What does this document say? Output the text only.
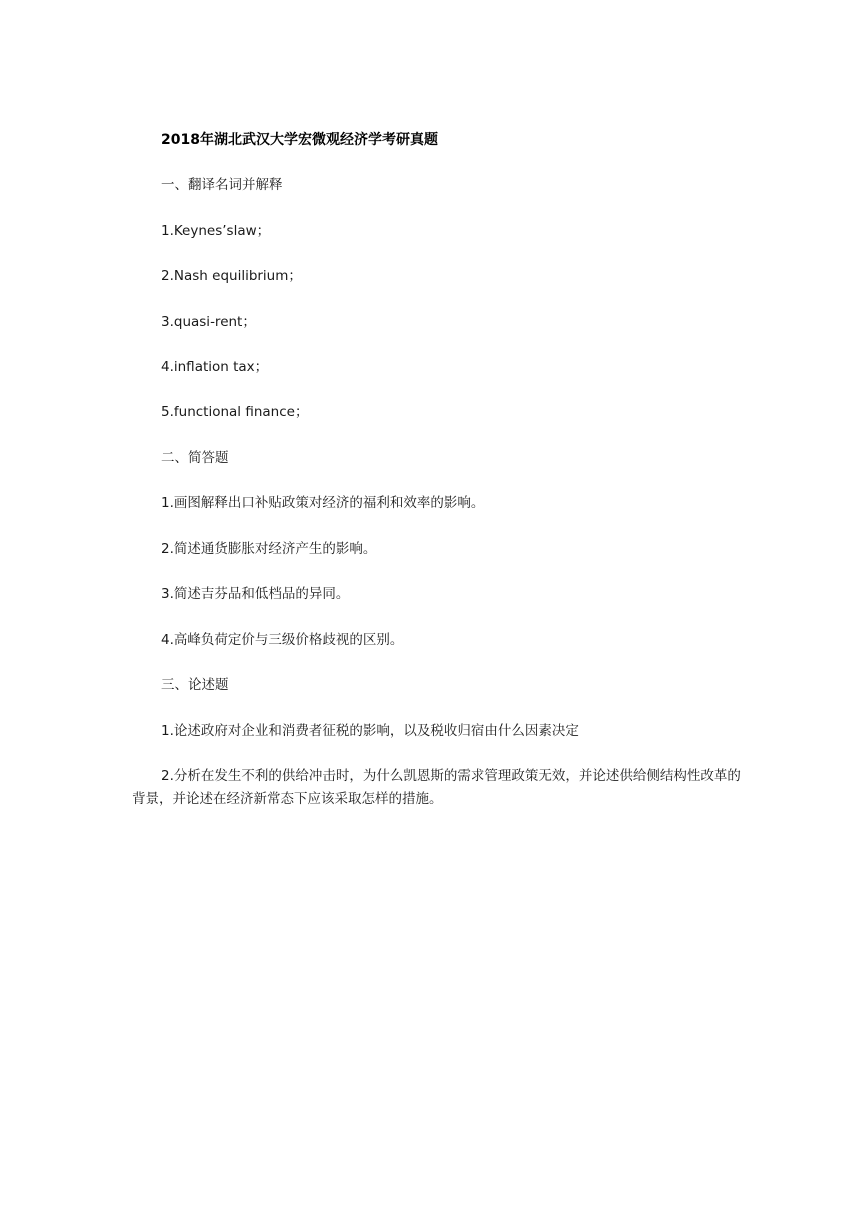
2018年湖北武汉大学宏微观经济学考研真题
一、翻译名词并解释
1.Keynes’slaw；
2.Nash equilibrium；
3.quasi-rent；
4.inflation tax；
5.functional finance；
二、简答题
1.画图解释出口补贴政策对经济的福利和效率的影响。
2.简述通货膨胀对经济产生的影响。
3.简述吉芬品和低档品的异同。
4.高峰负荷定价与三级价格歧视的区别。
三、论述题
1.论述政府对企业和消费者征税的影响，以及税收归宿由什么因素决定
2.分析在发生不利的供给冲击时，为什么凯恩斯的需求管理政策无效，并论述供给侧结构性改革的背景，并论述在经济新常态下应该采取怎样的措施。
